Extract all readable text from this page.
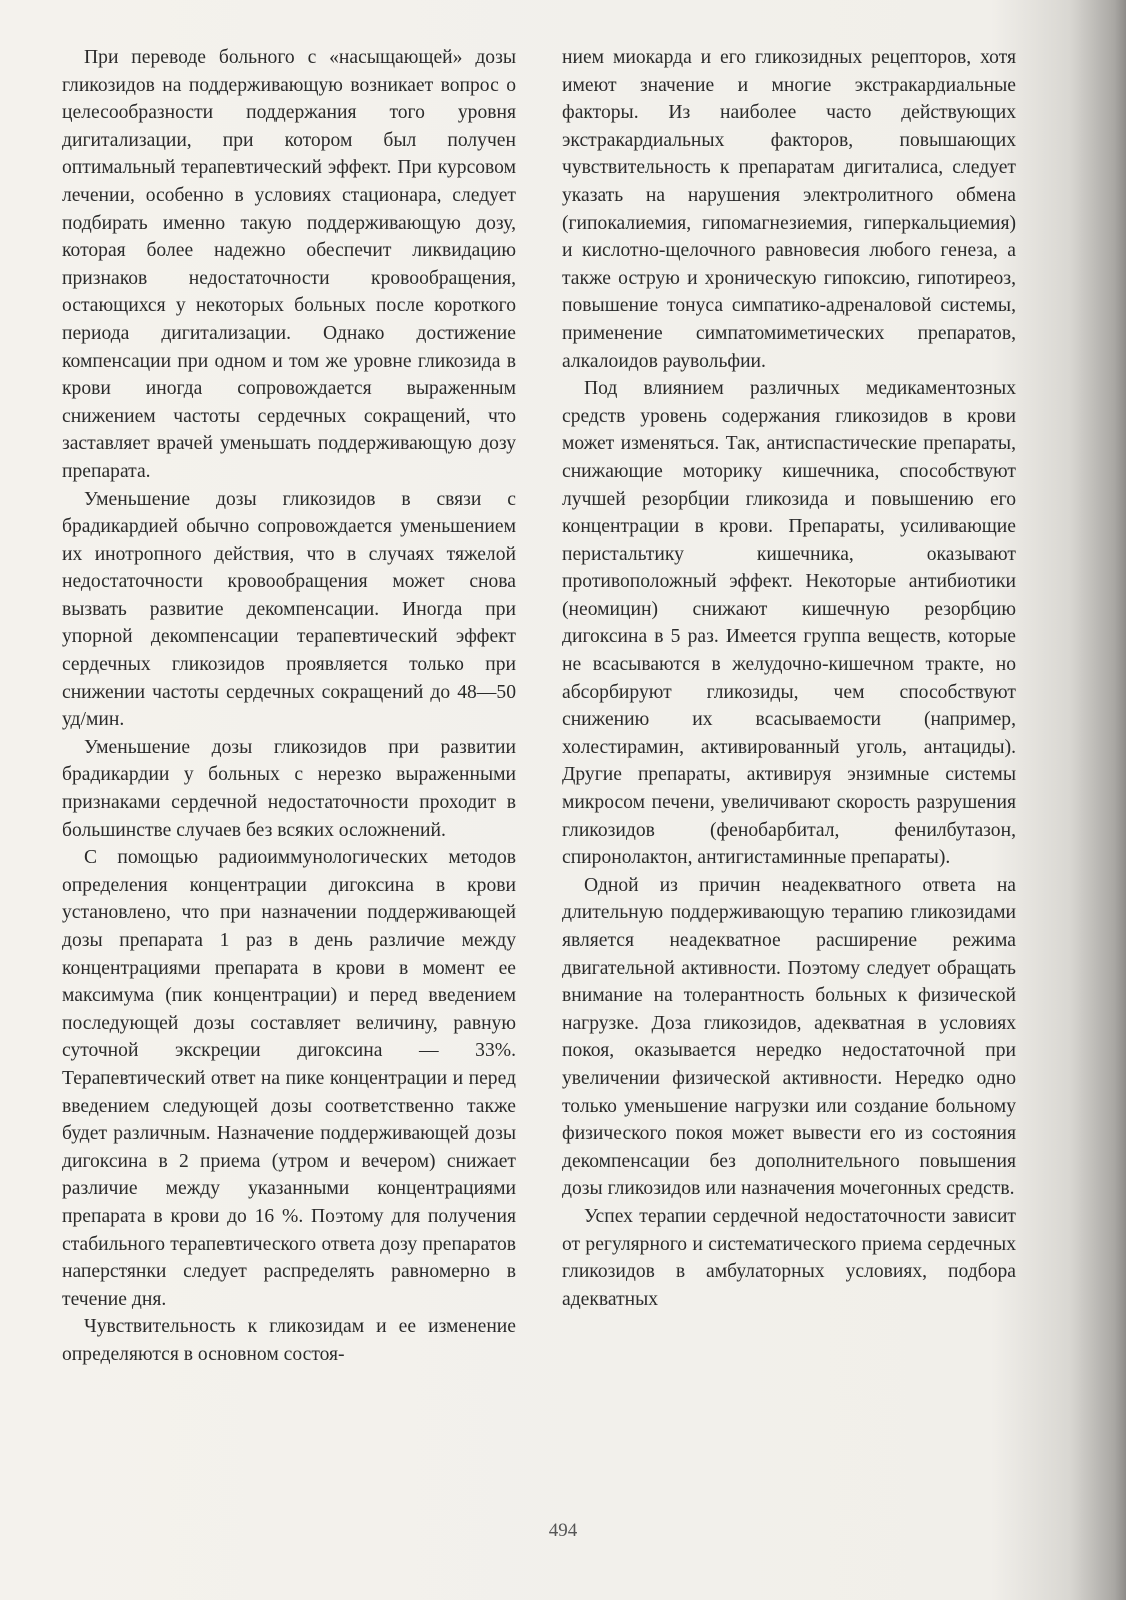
При переводе больного с «насыщающей» дозы гликозидов на поддерживающую возникает вопрос о целесообразности поддержания того уровня дигитализации, при котором был получен оптимальный терапевтический эффект. При курсовом лечении, особенно в условиях стационара, следует подбирать именно такую поддерживающую дозу, которая более надежно обеспечит ликвидацию признаков недостаточности кровообращения, остающихся у некоторых больных после короткого периода дигитализации. Однако достижение компенсации при одном и том же уровне гликозида в крови иногда сопровождается выраженным снижением частоты сердечных сокращений, что заставляет врачей уменьшать поддерживающую дозу препарата.

Уменьшение дозы гликозидов в связи с брадикардией обычно сопровождается уменьшением их инотропного действия, что в случаях тяжелой недостаточности кровообращения может снова вызвать развитие декомпенсации. Иногда при упорной декомпенсации терапевтический эффект сердечных гликозидов проявляется только при снижении частоты сердечных сокращений до 48—50 уд/мин.

Уменьшение дозы гликозидов при развитии брадикардии у больных с нерезко выраженными признаками сердечной недостаточности проходит в большинстве случаев без всяких осложнений.

С помощью радиоиммунологических методов определения концентрации дигоксина в крови установлено, что при назначении поддерживающей дозы препарата 1 раз в день различие между концентрациями препарата в крови в момент ее максимума (пик концентрации) и перед введением последующей дозы составляет величину, равную суточной экскреции дигоксина — 33%. Терапевтический ответ на пике концентрации и перед введением следующей дозы соответственно также будет различным. Назначение поддерживающей дозы дигоксина в 2 приема (утром и вечером) снижает различие между указанными концентрациями препарата в крови до 16 %. Поэтому для получения стабильного терапевтического ответа дозу препаратов наперстянки следует распределять равномерно в течение дня.

Чувствительность к гликозидам и ее изменение определяются в основном состоя-

нием миокарда и его гликозидных рецепторов, хотя имеют значение и многие экстракардиальные факторы. Из наиболее часто действующих экстракардиальных факторов, повышающих чувствительность к препаратам дигиталиса, следует указать на нарушения электролитного обмена (гипокалиемия, гипомагнезиемия, гиперкальциемия) и кислотно-щелочного равновесия любого генеза, а также острую и хроническую гипоксию, гипотиреоз, повышение тонуса симпатико-адреналовой системы, применение симпатомиметических препаратов, алкалоидов раувольфии.

Под влиянием различных медикаментозных средств уровень содержания гликозидов в крови может изменяться. Так, антиспастические препараты, снижающие моторику кишечника, способствуют лучшей резорбции гликозида и повышению его концентрации в крови. Препараты, усиливающие перистальтику кишечника, оказывают противоположный эффект. Некоторые антибиотики (неомицин) снижают кишечную резорбцию дигоксина в 5 раз. Имеется группа веществ, которые не всасываются в желудочно-кишечном тракте, но абсорбируют гликозиды, чем способствуют снижению их всасываемости (например, холестирамин, активированный уголь, антациды). Другие препараты, активируя энзимные системы микросом печени, увеличивают скорость разрушения гликозидов (фенобарбитал, фенилбутазон, спиронолактон, антигистаминные препараты).

Одной из причин неадекватного ответа на длительную поддерживающую терапию гликозидами является неадекватное расширение режима двигательной активности. Поэтому следует обращать внимание на толерантность больных к физической нагрузке. Доза гликозидов, адекватная в условиях покоя, оказывается нередко недостаточной при увеличении физической активности. Нередко одно только уменьшение нагрузки или создание больному физического покоя может вывести его из состояния декомпенсации без дополнительного повышения дозы гликозидов или назначения мочегонных средств.

Успех терапии сердечной недостаточности зависит от регулярного и систематического приема сердечных гликозидов в амбулаторных условиях, подбора адекватных

494
